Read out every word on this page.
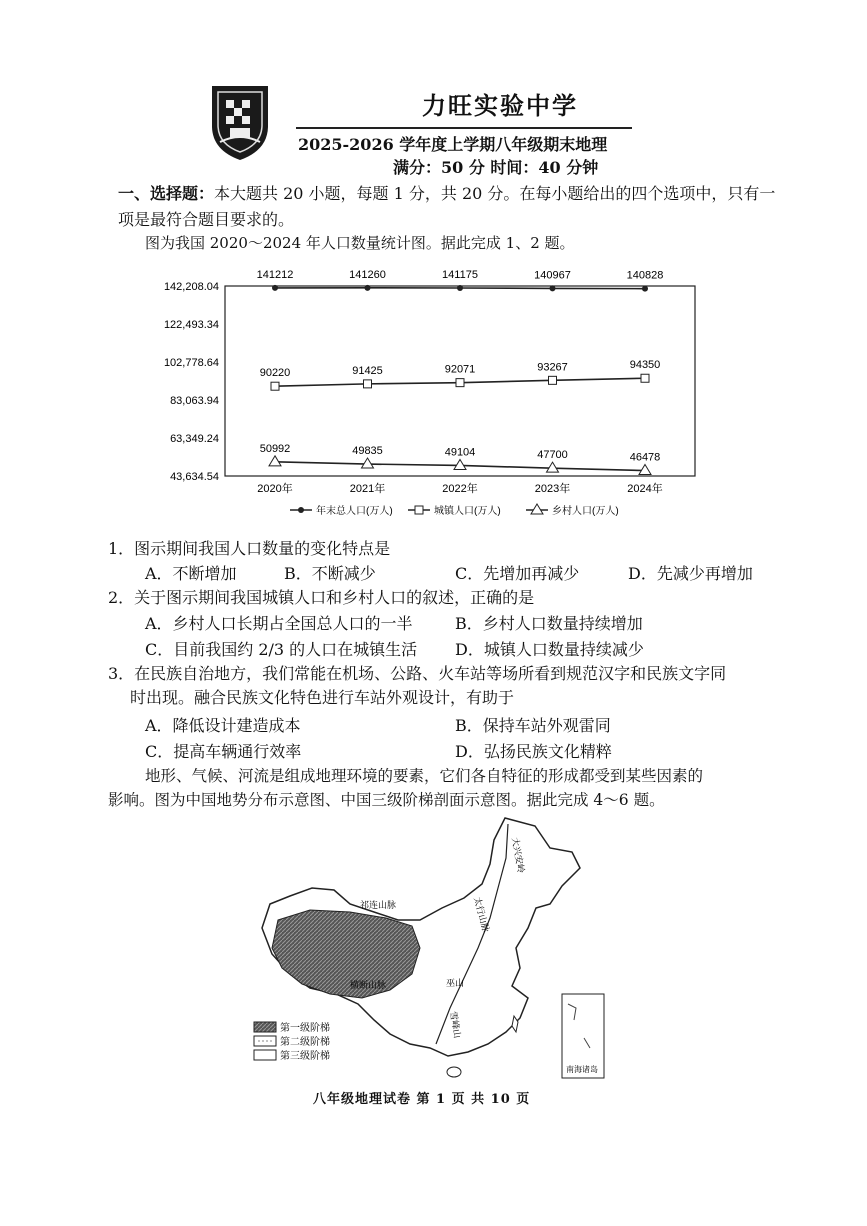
力旺实验中学
2025-2026 学年度上学期八年级期末地理
满分：50 分 时间：40 分钟
一、选择题：本大题共 20 小题，每题 1 分，共 20 分。在每小题给出的四个选项中，只有一项是最符合题目要求的。
图为我国 2020～2024 年人口数量统计图。据此完成 1、2 题。
142,208.04
122,493.34
102,778.64
83,063.94
63,349.24
43,634.54
2020年	2021年	2022年	2023年	2024年
141212	141260	141175	140967	140828
90220	91425	92071	93267	94350
50992	49835	49104	47700	46478
年末总人口(万人)	城镇人口(万人)	乡村人口(万人)
1．图示期间我国人口数量的变化特点是
A．不断增加	B．不断减少	C．先增加再减少	D．先减少再增加
2．关于图示期间我国城镇人口和乡村人口的叙述，正确的是
A．乡村人口长期占全国总人口的一半	B．乡村人口数量持续增加
C．目前我国约 2/3 的人口在城镇生活 D．城镇人口数量持续减少
3．在民族自治地方，我们常能在机场、公路、火车站等场所看到规范汉字和民族文字同
时出现。融合民族文化特色进行车站外观设计，有助于
A．降低设计建造成本	B．保持车站外观雷同
C．提高车辆通行效率	D．弘扬民族文化精粹
地形、气候、河流是组成地理环境的要素，它们各自特征的形成都受到某些因素的
影响。图为中国地势分布示意图、中国三级阶梯剖面示意图。据此完成 4～6 题。
大兴安岭
祁连山脉	太行山脉
横断山脉	巫山
雪峰山
南海诸岛
第一级阶梯
第二级阶梯
第三级阶梯
八年级地理试卷 第 1 页 共 10 页
